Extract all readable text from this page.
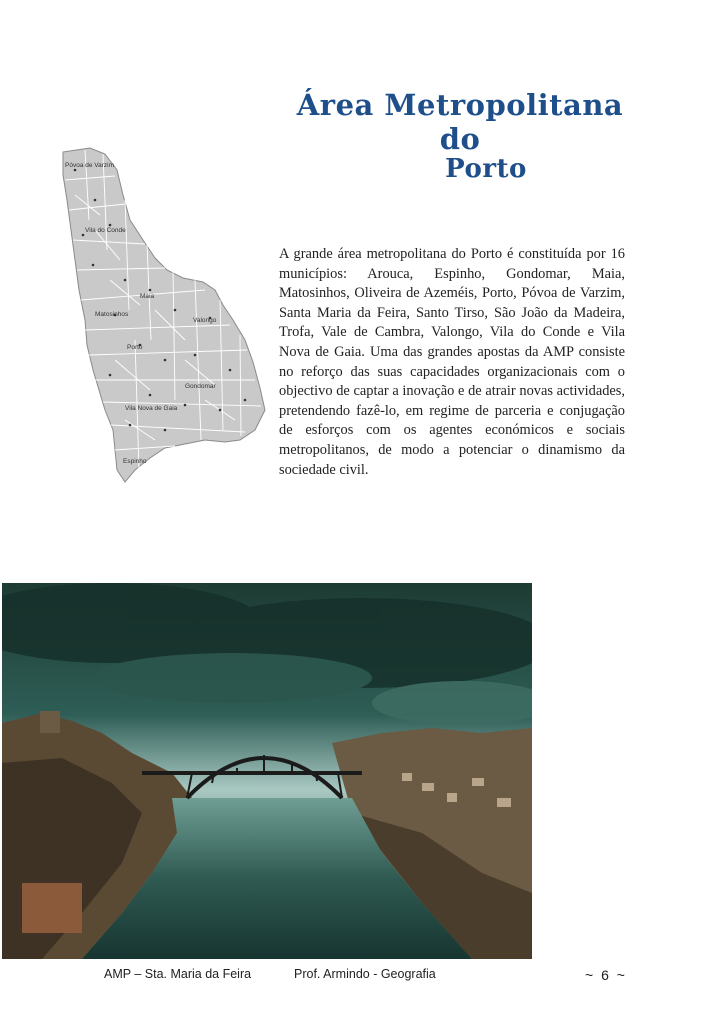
Área Metropolitana do
Porto
Póvoa de Varzim
Vila do Conde
Maia
Matosinhos
Valongo
Porto
Gondomar
Vila Nova de Gaia
Espinho
A grande área metropolitana do Porto é constituída por 16 municípios: Arouca, Espinho, Gondomar, Maia, Matosinhos, Oliveira de Azeméis, Porto, Póvoa de Varzim, Santa Maria da Feira, Santo Tirso, São João da Madeira, Trofa, Vale de Cambra, Valongo, Vila do Conde e Vila Nova de Gaia. Uma das grandes apostas da AMP consiste no reforço das suas capacidades organizacionais com o objectivo de captar a inovação e de atrair novas actividades, pretendendo fazê-lo, em regime de parceria e conjugação de esforços com os agentes económicos e sociais metropolitanos, de modo a potenciar o dinamismo da sociedade civil.
AMP – Sta. Maria da Feira	Prof. Armindo - Geografia	~ 6 ~
